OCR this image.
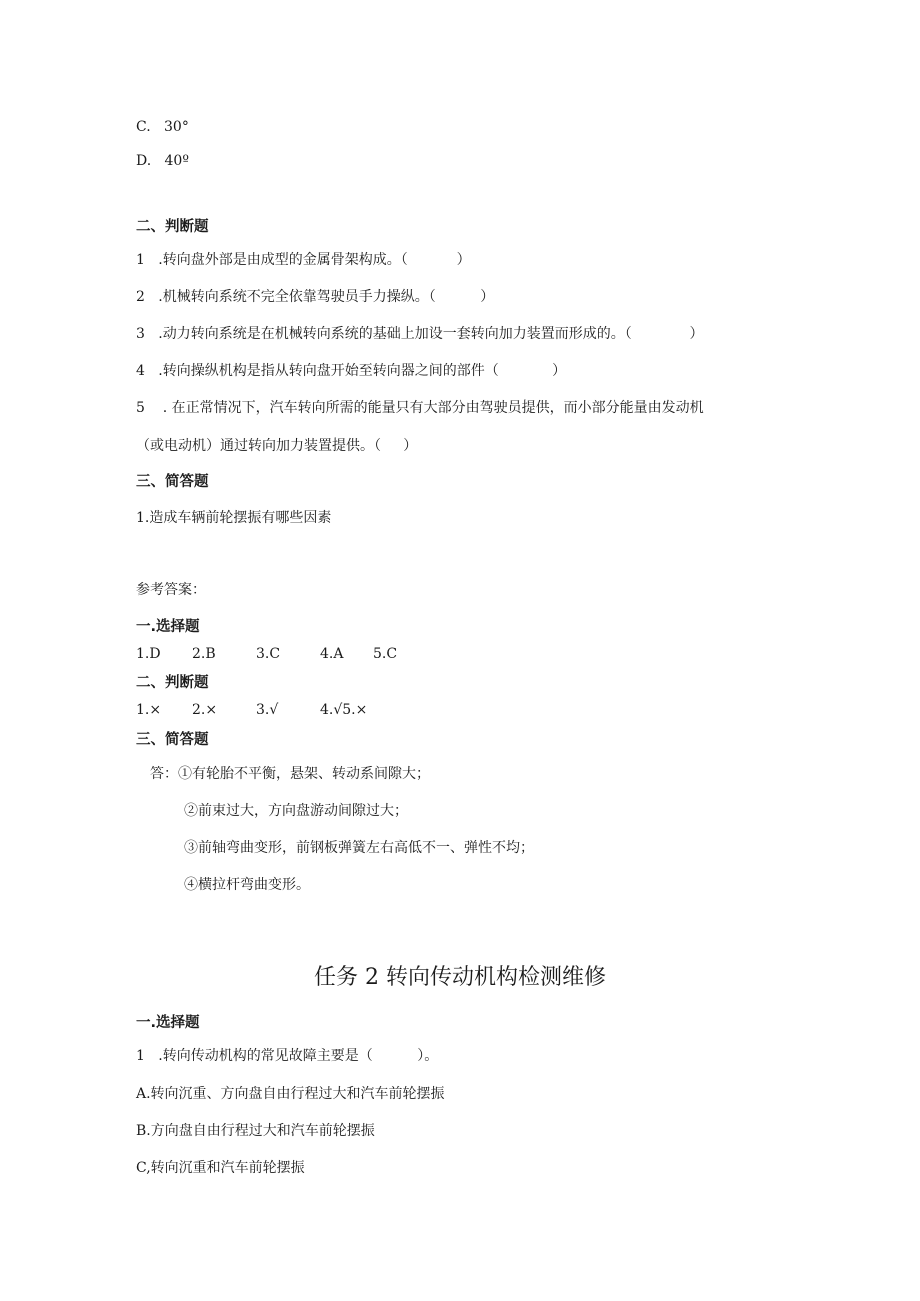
C.   30°
D.   40º
二、判断题
1   .转向盘外部是由成型的金属骨架构成。（           ）
2   .机械转向系统不完全依靠驾驶员手力操纵。（          ）
3   .动力转向系统是在机械转向系统的基础上加设一套转向加力装置而形成的。（             ）
4   .转向操纵机构是指从转向盘开始至转向器之间的部件（            ）
5    . 在正常情况下，汽车转向所需的能量只有大部分由驾驶员提供，而小部分能量由发动机
（或电动机）通过转向加力装置提供。（     ）
三、简答题
1.造成车辆前轮摆振有哪些因素
参考答案：
一.选择题
1.D 2.B	3.C	4.A 5.C
二、判断题
1.× 2.×	3.√	4.√5.×
三、简答题
答：①有轮胎不平衡，悬架、转动系间隙大；
②前束过大，方向盘游动间隙过大；
③前轴弯曲变形，前钢板弹簧左右高低不一、弹性不均；
④横拉杆弯曲变形。
任务 2 转向传动机构检测维修
一.选择题
1   .转向传动机构的常见故障主要是（          ）。
A.转向沉重、方向盘自由行程过大和汽车前轮摆振
B.方向盘自由行程过大和汽车前轮摆振
C,转向沉重和汽车前轮摆振
